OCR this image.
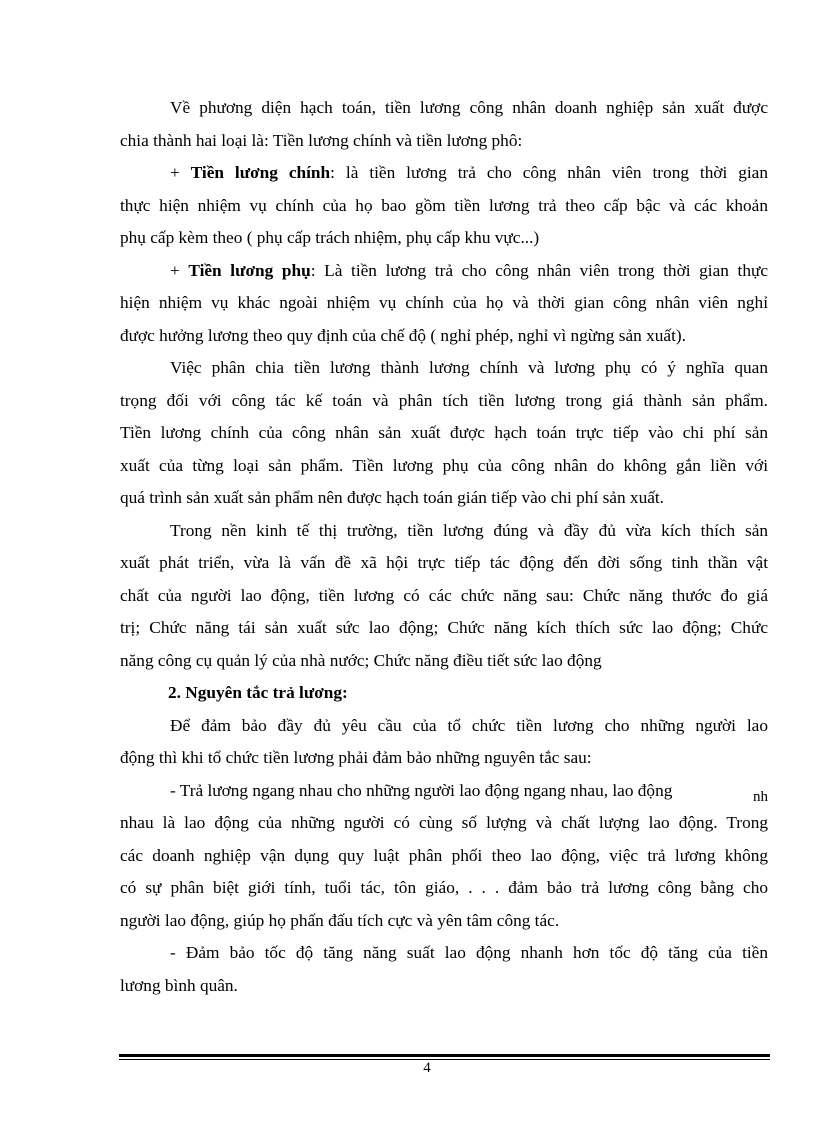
Về phương diện hạch toán, tiền lương công nhân doanh nghiệp sản xuất được
chia thành hai loại là: Tiền lương chính và tiền lương phô:
+ Tiền lương chính: là tiền lương trả cho công nhân viên trong thời gian
thực hiện nhiệm vụ chính của họ bao gồm tiền lương trả theo cấp bậc và các khoản
phụ cấp kèm theo ( phụ cấp trách nhiệm, phụ cấp khu vực...)
+ Tiền lương phụ: Là tiền lương trả cho công nhân viên trong thời gian thực
hiện nhiệm vụ khác ngoài nhiệm vụ chính của họ và thời gian công nhân viên nghỉ
được hưởng lương theo quy định của chế độ ( nghỉ phép, nghỉ vì ngừng sản xuất).
Việc phân chia tiền lương thành lương chính và lương phụ có ý nghĩa quan
trọng đối với công tác kế toán và phân tích tiền lương trong giá thành sản phẩm.
Tiền lương chính của công nhân sản xuất được hạch toán trực tiếp vào chi phí sản
xuất của từng loại sản phẩm. Tiền lương phụ của công nhân do không gắn liền với
quá trình sản xuất sản phẩm nên được hạch toán gián tiếp vào chi phí sản xuất.
Trong nền kinh tế thị trường, tiền lương đúng và đầy đủ vừa kích thích sản
xuất phát triển, vừa là vấn đề xã hội trực tiếp tác động đến đời sống tinh thần vật
chất của người lao động, tiền lương có các chức năng sau: Chức năng thước đo giá
trị; Chức năng tái sản xuất sức lao động; Chức năng kích thích sức lao động; Chức
năng công cụ quản lý của nhà nước; Chức năng điều tiết sức lao động
2. Nguyên tắc trả lương:
Để đảm bảo đầy đủ yêu cầu của tổ chức tiền lương cho những người lao
động thì khi tổ chức tiền lương phải đảm bảo những nguyên tắc sau:
- Trả lương ngang nhau cho những người lao động ngang nhau, lao động	nh
nhau là lao động của những người có cùng số lượng và chất lượng lao động. Trong
các doanh nghiệp vận dụng quy luật phân phối theo lao động, việc trả lương không
có sự phân biệt giới tính, tuổi tác, tôn giáo, . . . đảm bảo trả lương công bằng cho
người lao động, giúp họ phấn đấu tích cực và yên tâm công tác.
- Đảm bảo tốc độ tăng năng suất lao động nhanh hơn tốc độ tăng của tiền
lương bình quân.
4
